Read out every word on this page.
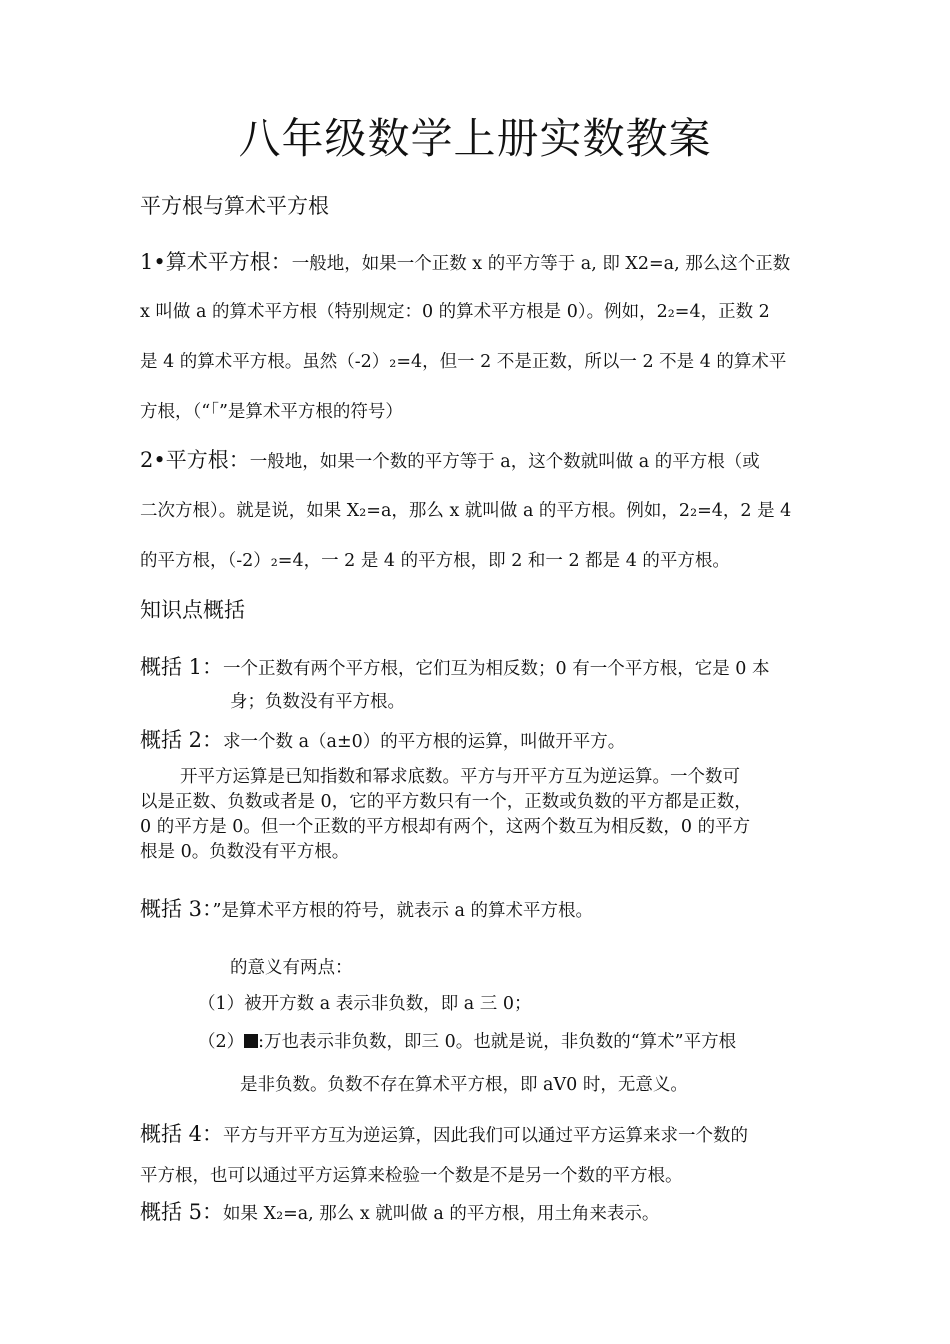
八年级数学上册实数教案
平方根与算术平方根
1•算术平方根：一般地，如果一个正数 x 的平方等于 a, 即 X2=a, 那么这个正数
x 叫做 a 的算术平方根（特别规定：0 的算术平方根是 0）。例如，2₂=4，正数 2
是 4 的算术平方根。虽然（-2）₂=4，但一 2 不是正数，所以一 2 不是 4 的算术平
方根，（“「”是算术平方根的符号）
2•平方根：一般地，如果一个数的平方等于 a，这个数就叫做 a 的平方根（或
二次方根）。就是说，如果 X₂=a，那么 x 就叫做 a 的平方根。例如，2₂=4，2 是 4
的平方根，（-2）₂=4，一 2 是 4 的平方根，即 2 和一 2 都是 4 的平方根。
知识点概括
概括 1：一个正数有两个平方根，它们互为相反数；0 有一个平方根，它是 0 本
身；负数没有平方根。
概括 2：求一个数 a（a±0）的平方根的运算，叫做开平方。
开平方运算是已知指数和幂求底数。平方与开平方互为逆运算。一个数可
以是正数、负数或者是 0，它的平方数只有一个，正数或负数的平方都是正数，
0 的平方是 0。但一个正数的平方根却有两个，这两个数互为相反数，0 的平方
根是 0。负数没有平方根。
概括 3：”是算术平方根的符号，就表示 a 的算术平方根。
的意义有两点：
（1）被开方数 a 表示非负数，即 a 三 0；
（2） :万也表示非负数，即三 0。也就是说，非负数的“算术”平方根
是非负数。负数不存在算术平方根，即 aV0 时，无意义。
概括 4：平方与开平方互为逆运算，因此我们可以通过平方运算来求一个数的
平方根，也可以通过平方运算来检验一个数是不是另一个数的平方根。
概括 5：如果 X₂=a, 那么 x 就叫做 a 的平方根，用土角来表示。
